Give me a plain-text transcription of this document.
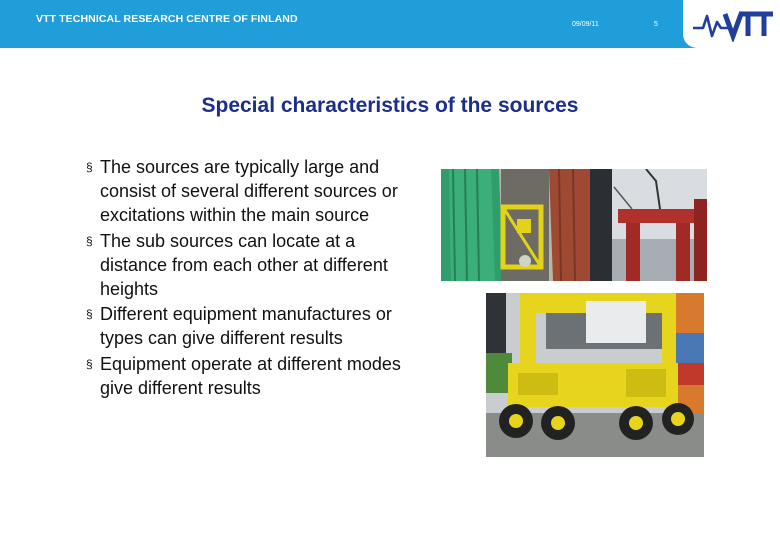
VTT TECHNICAL RESEARCH CENTRE OF FINLAND	09/09/11	5
Special characteristics of the sources
§ The sources are typically large and consist of several different sources or excitations within the main source
§ The sub sources can locate at a distance from each other at different heights
§ Different equipment manufactures or types can give different results
§ Equipment operate at different modes give different results
